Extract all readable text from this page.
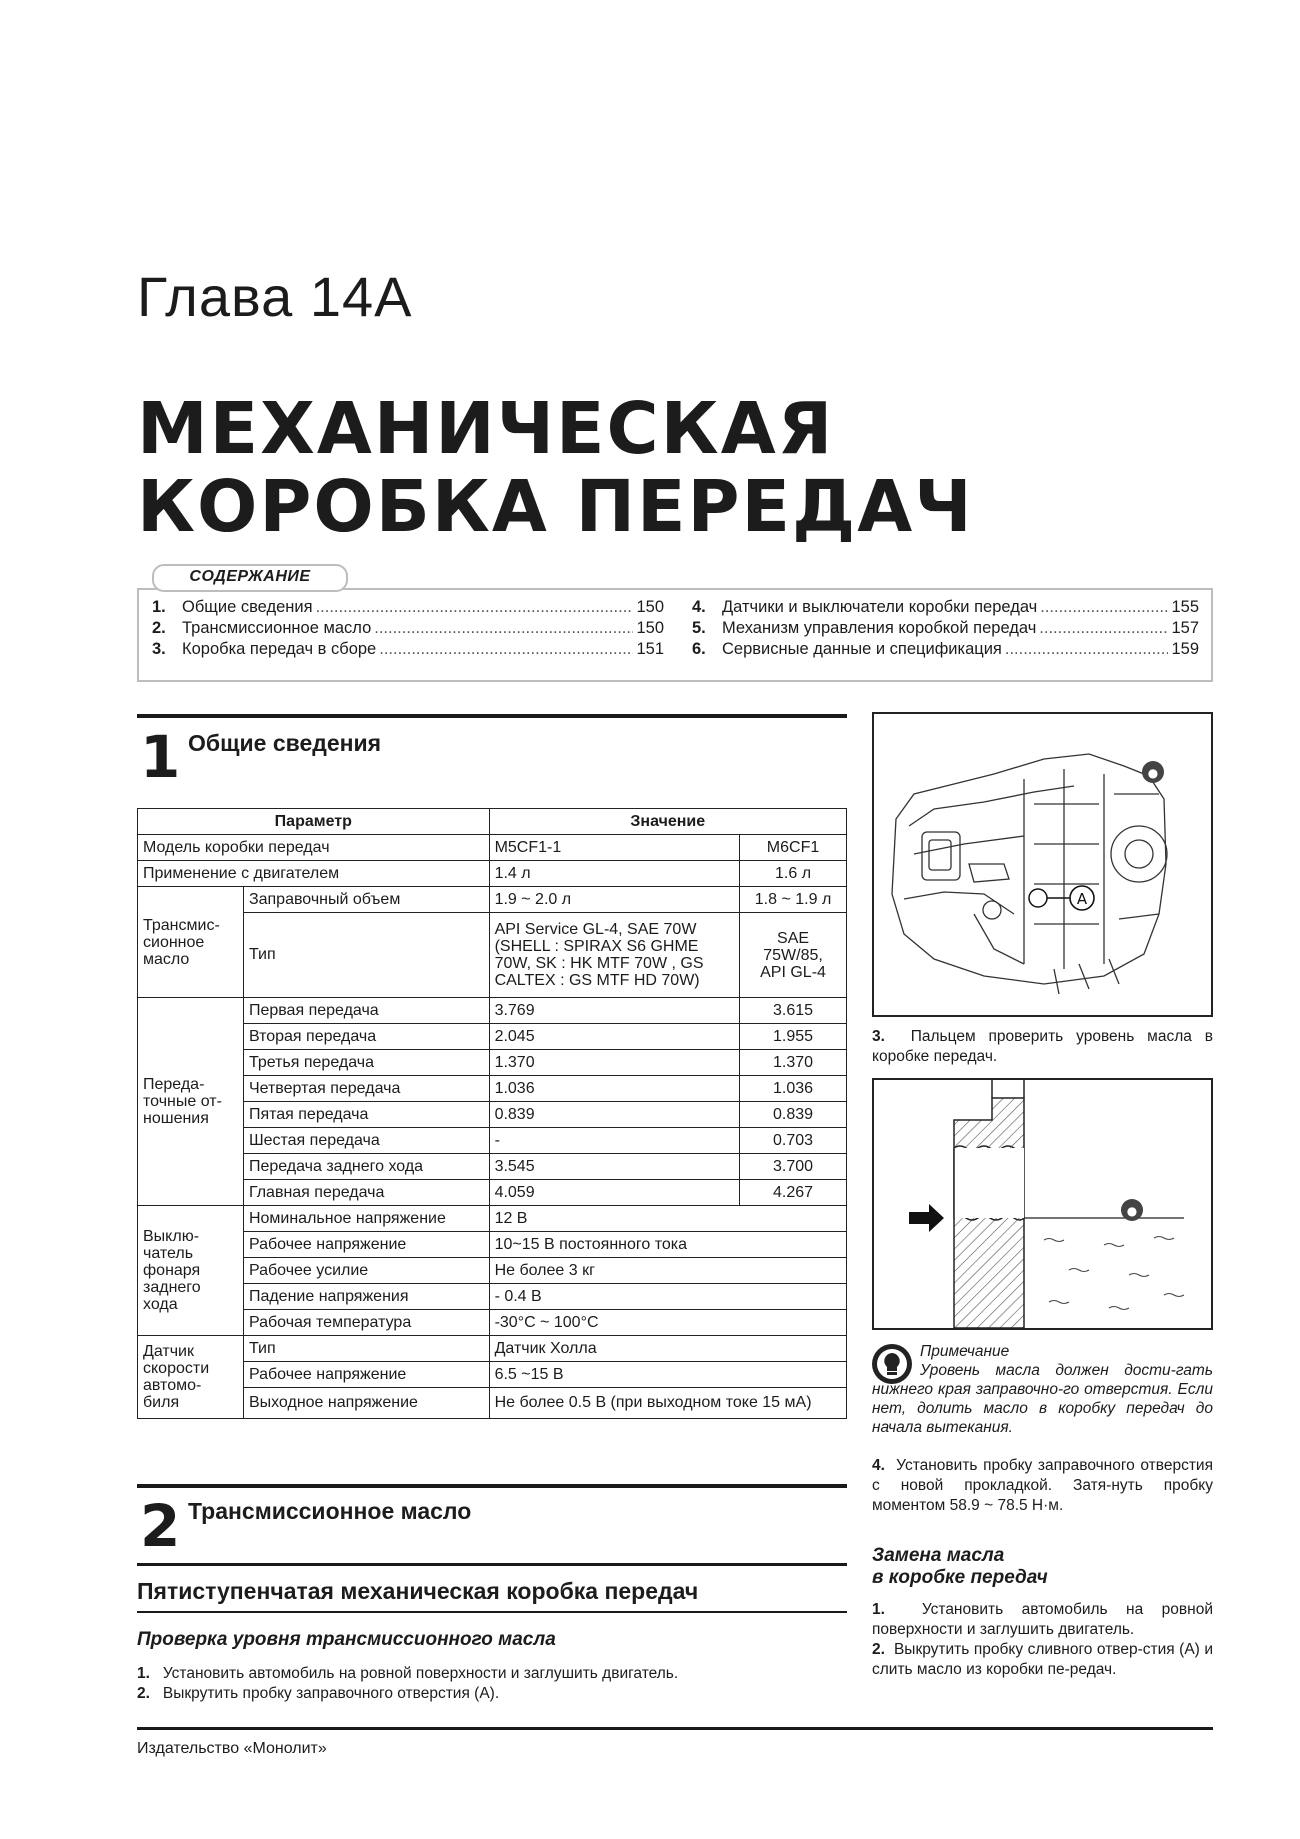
Глава 14А
МЕХАНИЧЕСКАЯ
КОРОБКА ПЕРЕДАЧ
СОДЕРЖАНИЕ
1. Общие сведения .....	150
2. Трансмиссионное масло .....	150
3. Коробка передач в сборе .....	151
4. Датчики и выключатели коробки передач .....	155
5. Механизм управления коробкой передач .....	157
6. Сервисные данные и спецификация .....	159
1 Общие сведения
Параметр		Значение	
Модель коробки передач		M5CF1-1	M6CF1
Применение с двигателем		1.4 л	1.6 л
Трансмис-
сионное
масло	Заправочный объем	1.9 ~ 2.0 л	1.8 ~ 1.9 л
	Тип	API Service GL-4, SAE 70W
(SHELL : SPIRAX S6 GHME
70W, SK : HK MTF 70W , GS
CALTEX : GS MTF HD 70W)	SAE
75W/85,
API GL-4
Переда-
точные от-
ношения	Первая передача	3.769	3.615
	Вторая передача	2.045	1.955
	Третья передача	1.370	1.370
	Четвертая передача	1.036	1.036
	Пятая передача	0.839	0.839
	Шестая передача	-	0.703
	Передача заднего хода	3.545	3.700
	Главная передача	4.059	4.267
Выклю-
чатель
фонаря
заднего
хода	Номинальное напряжение	12 В	
	Рабочее напряжение	10~15 В постоянного тока	
	Рабочее усилие	Не более 3 кг	
	Падение напряжения	- 0.4 В	
	Рабочая температура	-30°С ~ 100°С	
Датчик
скорости
автомо-
биля	Тип	Датчик Холла	
	Рабочее напряжение	6.5 ~15 В	
	Выходное напряжение	Не более 0.5 В (при выходном токе 15 мА)	
2 Трансмиссионное масло
Пятиступенчатая механическая коробка передач
Проверка уровня трансмиссионного масла
1. Установить автомобиль на ровной поверхности и заглушить двигатель.
2. Выкрутить пробку заправочного отверстия (А).
●
A
3. Пальцем проверить уровень масла в коробке передач.
●
Примечание
Уровень масла должен дости-гать нижнего края заправочно-го отверстия. Если нет, долить масло в коробку передач до начала вытекания.
4. Установить пробку заправочного отверстия с новой прокладкой. Затя-нуть пробку моментом 58.9 ~ 78.5 Н·м.
Замена масла
в коробке передач
1. Установить автомобиль на ровной поверхности и заглушить двигатель.
2. Выкрутить пробку сливного отвер-стия (А) и слить масло из коробки пе-редач.
Издательство «Монолит»
